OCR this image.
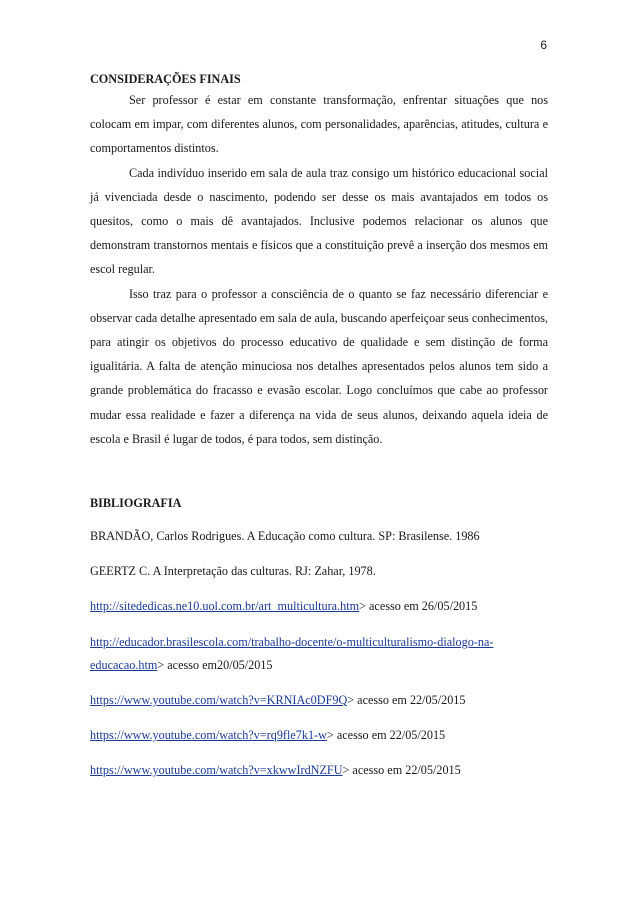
6
CONSIDERAÇÕES FINAIS

Ser professor é estar em constante transformação, enfrentar situações que nos colocam em impar, com diferentes alunos, com personalidades, aparências, atitudes, cultura e comportamentos distintos.

Cada indivíduo inserido em sala de aula traz consigo um histórico educacional social já vivenciada desde o nascimento, podendo ser desse os mais avantajados em todos os quesitos, como o mais dê avantajados. Inclusive podemos relacionar os alunos que demonstram transtornos mentais e físicos que a constituição prevê a inserção dos mesmos em escol regular.

Isso traz para o professor a consciência de o quanto se faz necessário diferenciar e observar cada detalhe apresentado em sala de aula, buscando aperfeiçoar seus conhecimentos, para atingir os objetivos do processo educativo de qualidade e sem distinção de forma igualitária. A falta de atenção minuciosa nos detalhes apresentados pelos alunos tem sido a grande problemática do fracasso e evasão escolar. Logo concluímos que cabe ao professor mudar essa realidade e fazer a diferença na vida de seus alunos, deixando aquela ideia de escola e Brasil é lugar de todos, é para todos, sem distinção.

BIBLIOGRAFIA

BRANDÃO, Carlos Rodrigues. A Educação como cultura. SP: Brasilense. 1986

GEERTZ C. A Interpretação das culturas. RJ: Zahar, 1978.

http://sitededicas.ne10.uol.com.br/art_multicultura.htm> acesso em 26/05/2015

http://educador.brasilescola.com/trabalho-docente/o-multiculturalismo-dialogo-na-educacao.htm> acesso em20/05/2015

https://www.youtube.com/watch?v=KRNIAc0DF9Q> acesso em 22/05/2015

https://www.youtube.com/watch?v=rq9fle7k1-w> acesso em 22/05/2015

https://www.youtube.com/watch?v=xkwwIrdNZFU> acesso em 22/05/2015
